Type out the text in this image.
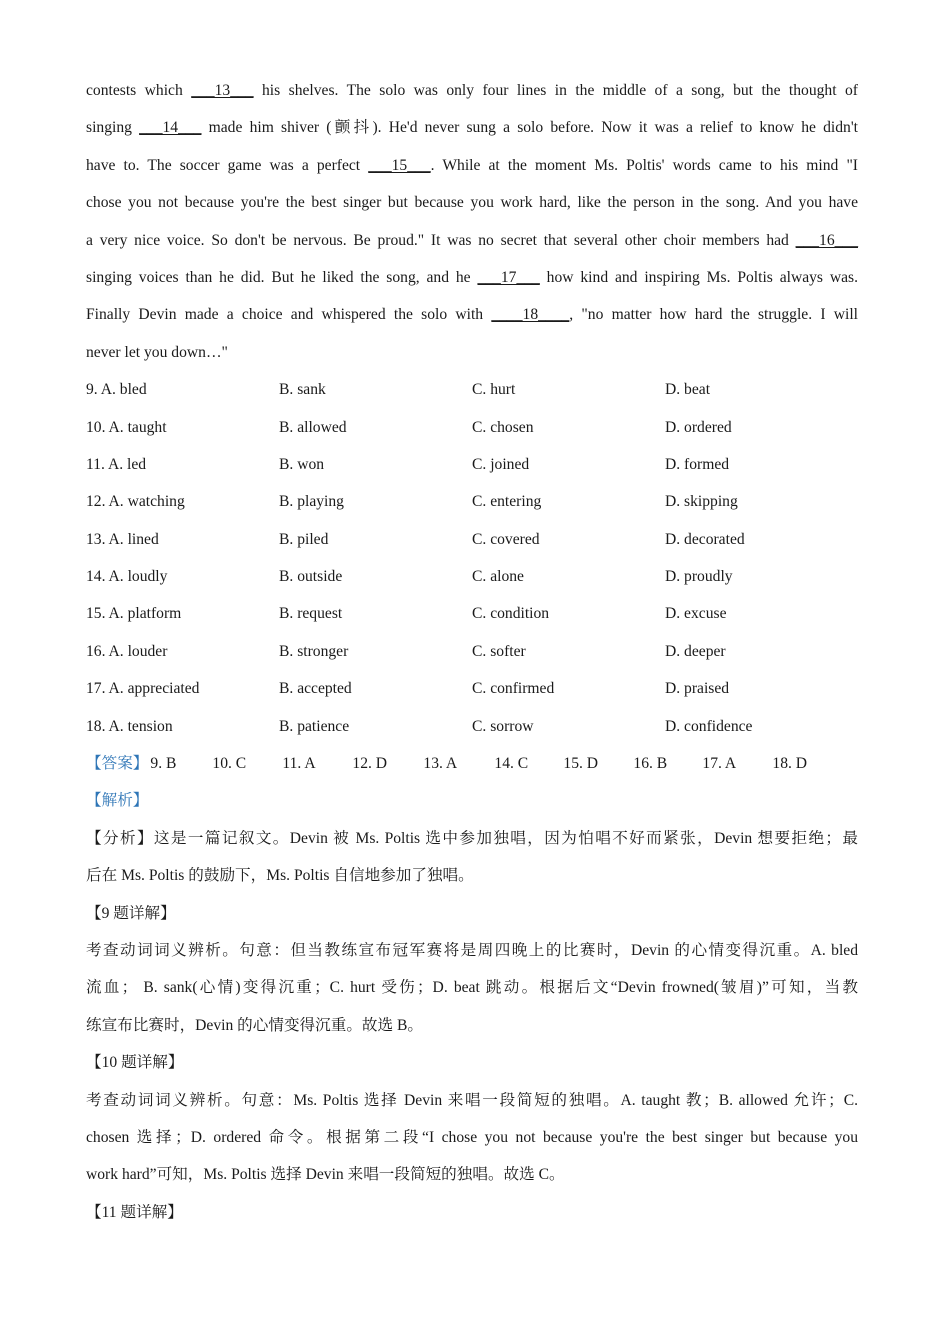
contests which ___13___ his shelves. The solo was only four lines in the middle of a song, but the thought of
singing ___14___ made him shiver (颤抖). He'd never sung a solo before. Now it was a relief to know he didn't
have to. The soccer game was a perfect ___15___. While at the moment Ms. Poltis' words came to his mind "I
chose you not because you're the best singer but because you work hard, like the person in the song. And you have
a very nice voice. So don't be nervous. Be proud." It was no secret that several other choir members had ___16___
singing voices than he did. But he liked the song, and he ___17___ how kind and inspiring Ms. Poltis always was.
Finally Devin made a choice and whispered the solo with ____18____, "no matter how hard the struggle. I will
never let you down…"
9. A. bled	B. sank	C. hurt	D. beat
10. A. taught	B. allowed	C. chosen	D. ordered
11. A. led	B. won	C. joined	D. formed
12. A. watching	B. playing	C. entering	D. skipping
13. A. lined	B. piled	C. covered	D. decorated
14. A. loudly	B. outside	C. alone	D. proudly
15. A. platform	B. request	C. condition	D. excuse
16. A. louder	B. stronger	C. softer	D. deeper
17. A. appreciated	B. accepted	C. confirmed	D. praised
18. A. tension	B. patience	C. sorrow	D. confidence
【答案】 9. B	10. C	11. A	12. D	13. A	14. C	15. D	16. B	17. A	18. D
【解析】
【分析】这是一篇记叙文。Devin 被 Ms. Poltis 选中参加独唱，因为怕唱不好而紧张，Devin 想要拒绝；最
后在 Ms. Poltis 的鼓励下，Ms. Poltis 自信地参加了独唱。
【9 题详解】
考查动词词义辨析。句意：但当教练宣布冠军赛将是周四晚上的比赛时，Devin 的心情变得沉重。A. bled
流血； B. sank(心情)变得沉重；C. hurt 受伤；D. beat 跳动。根据后文“Devin frowned(皱眉)”可知，当教
练宣布比赛时，Devin 的心情变得沉重。故选 B。
【10 题详解】
考查动词词义辨析。句意：Ms. Poltis 选择 Devin 来唱一段简短的独唱。A. taught 教；B. allowed 允许；C.
chosen 选择；D. ordered 命令。根据第二段“I chose you not because you're the best singer but because you
work hard”可知，Ms. Poltis 选择 Devin 来唱一段简短的独唱。故选 C。
【11 题详解】
